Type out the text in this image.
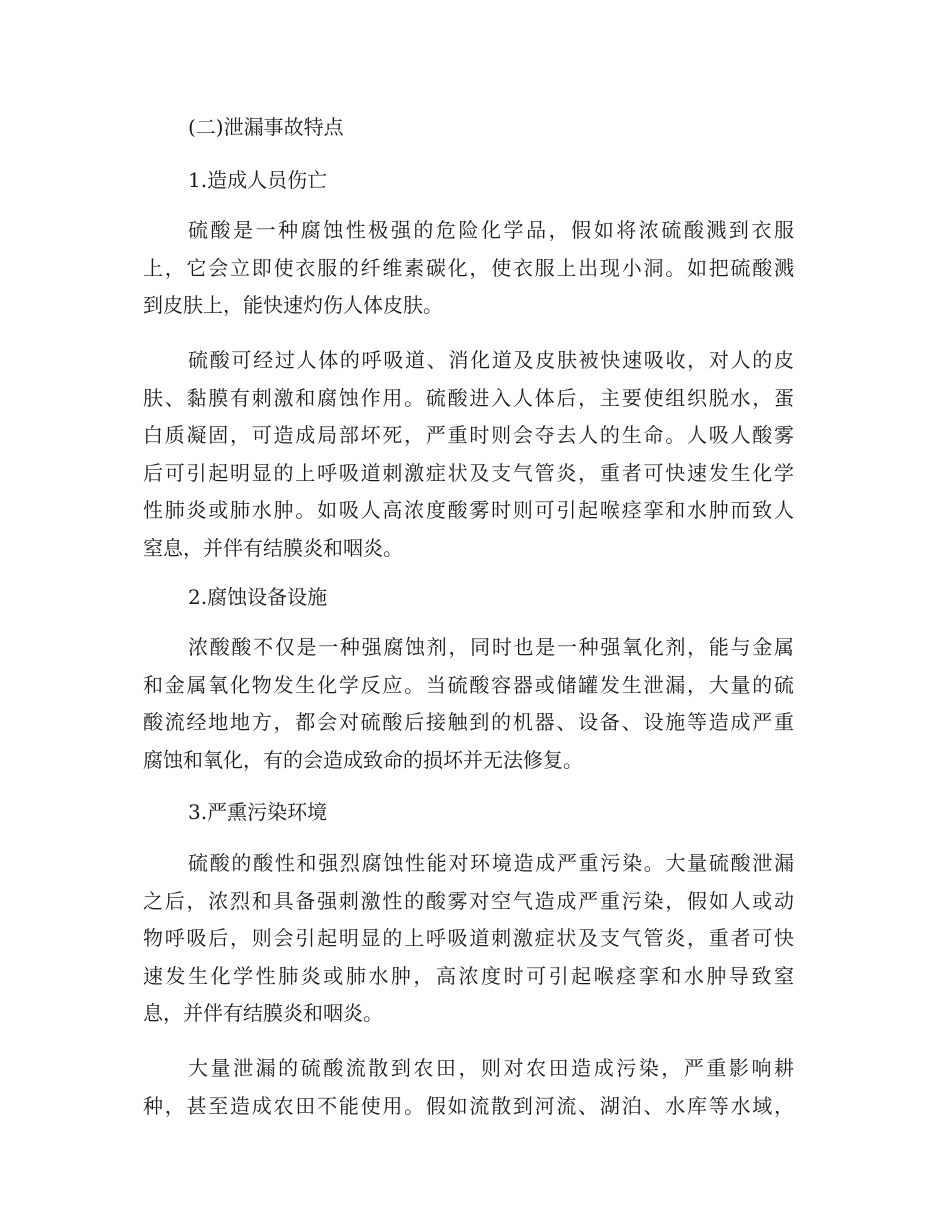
(二)泄漏事故特点

1.造成人员伤亡

硫酸是一种腐蚀性极强的危险化学品，假如将浓硫酸溅到衣服
上，它会立即使衣服的纤维素碳化，使衣服上出现小洞。如把硫酸溅
到皮肤上，能快速灼伤人体皮肤。
硫酸可经过人体的呼吸道、消化道及皮肤被快速吸收，对人的皮
肤、黏膜有刺激和腐蚀作用。硫酸进入人体后，主要使组织脱水，蛋
白质凝固，可造成局部坏死，严重时则会夺去人的生命。人吸人酸雾
后可引起明显的上呼吸道刺激症状及支气管炎，重者可快速发生化学
性肺炎或肺水肿。如吸人高浓度酸雾时则可引起喉痉挛和水肿而致人
窒息，并伴有结膜炎和咽炎。

2.腐蚀设备设施

浓酸酸不仅是一种强腐蚀剂，同时也是一种强氧化剂，能与金属
和金属氧化物发生化学反应。当硫酸容器或储罐发生泄漏，大量的硫
酸流经地地方，都会对硫酸后接触到的机器、设备、设施等造成严重
腐蚀和氧化，有的会造成致命的损坏并无法修复。

3.严熏污染环境

硫酸的酸性和强烈腐蚀性能对环境造成严重污染。大量硫酸泄漏
之后，浓烈和具备强刺激性的酸雾对空气造成严重污染，假如人或动
物呼吸后，则会引起明显的上呼吸道刺激症状及支气管炎，重者可快
速发生化学性肺炎或肺水肿，高浓度时可引起喉痉挛和水肿导致窒
息，并伴有结膜炎和咽炎。
大量泄漏的硫酸流散到农田，则对农田造成污染，严重影响耕
种，甚至造成农田不能使用。假如流散到河流、湖泊、水库等水域，
